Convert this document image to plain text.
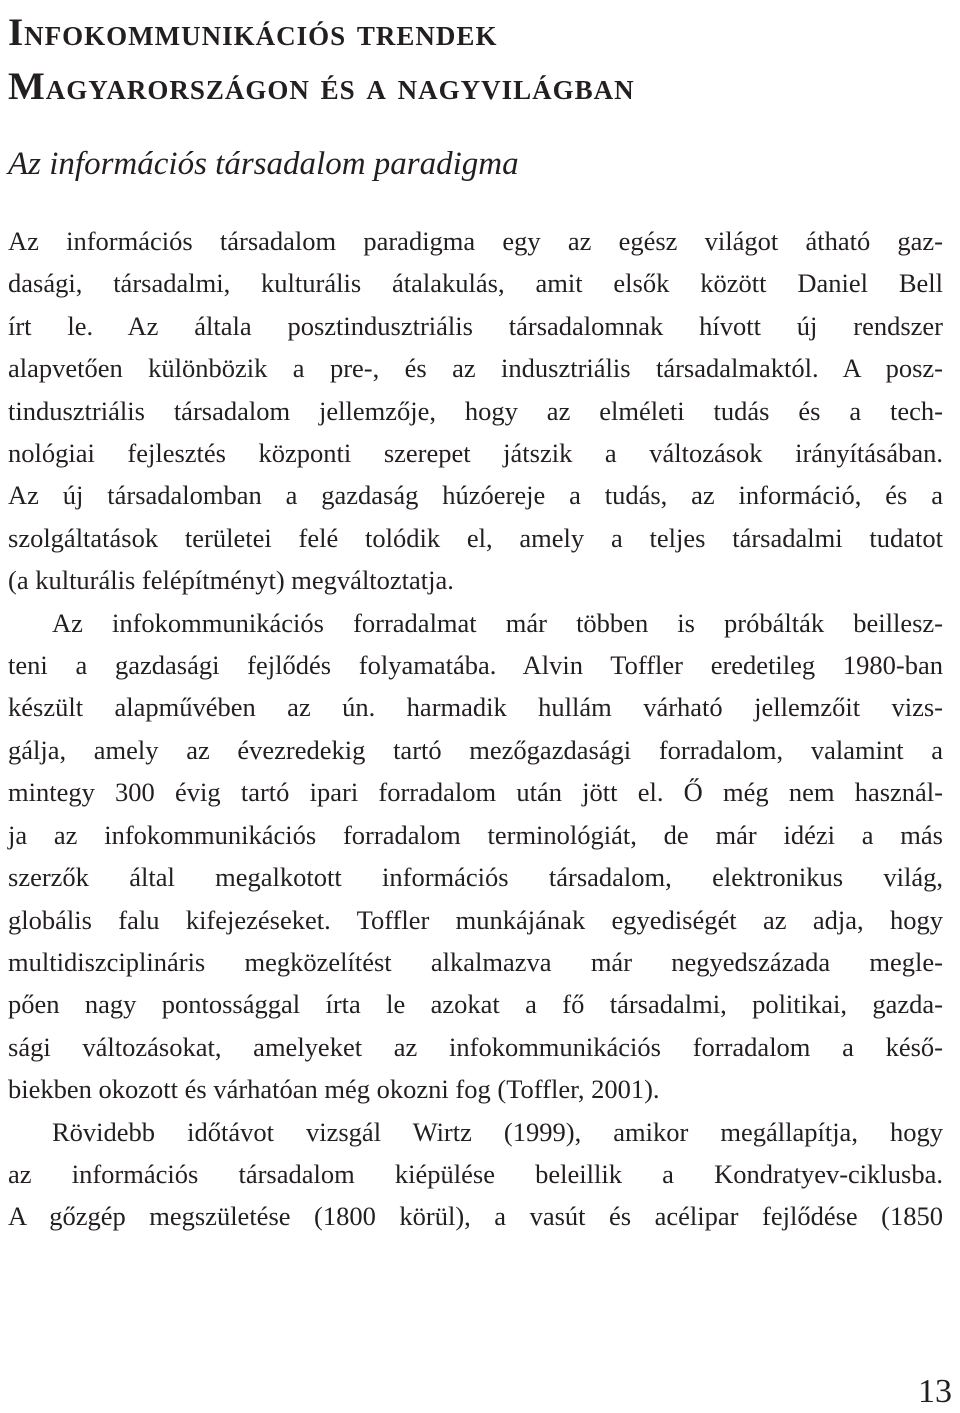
Infokommunikációs trendek
Magyarországon és a nagyvilágban
Az információs társadalom paradigma
Az információs társadalom paradigma egy az egész világot átható gaz-
dasági, társadalmi, kulturális átalakulás, amit elsők között Daniel Bell
írt le. Az általa posztindusztriális társadalomnak hívott új rendszer
alapvetően különbözik a pre-, és az indusztriális társadalmaktól. A posz-
tindusztriális társadalom jellemzője, hogy az elméleti tudás és a tech-
nológiai fejlesztés központi szerepet játszik a változások irányításában.
Az új társadalomban a gazdaság húzóereje a tudás, az információ, és a
szolgáltatások területei felé tolódik el, amely a teljes társadalmi tudatot
(a kulturális felépítményt) megváltoztatja.
Az infokommunikációs forradalmat már többen is próbálták beillesz-
teni a gazdasági fejlődés folyamatába. Alvin Toffler eredetileg 1980-ban
készült alapművében az ún. harmadik hullám várható jellemzőit vizs-
gálja, amely az évezredekig tartó mezőgazdasági forradalom, valamint a
mintegy 300 évig tartó ipari forradalom után jött el. Ő még nem használ-
ja az infokommunikációs forradalom terminológiát, de már idézi a más
szerzők által megalkotott információs társadalom, elektronikus világ,
globális falu kifejezéseket. Toffler munkájának egyediségét az adja, hogy
multidiszciplináris megközelítést alkalmazva már negyedszázada megle-
pően nagy pontossággal írta le azokat a fő társadalmi, politikai, gazda-
sági változásokat, amelyeket az infokommunikációs forradalom a késő-
biekben okozott és várhatóan még okozni fog (Toffler, 2001).
Rövidebb időtávot vizsgál Wirtz (1999), amikor megállapítja, hogy
az információs társadalom kiépülése beleillik a Kondratyev-ciklusba.
A gőzgép megszületése (1800 körül), a vasút és acélipar fejlődése (1850
13
